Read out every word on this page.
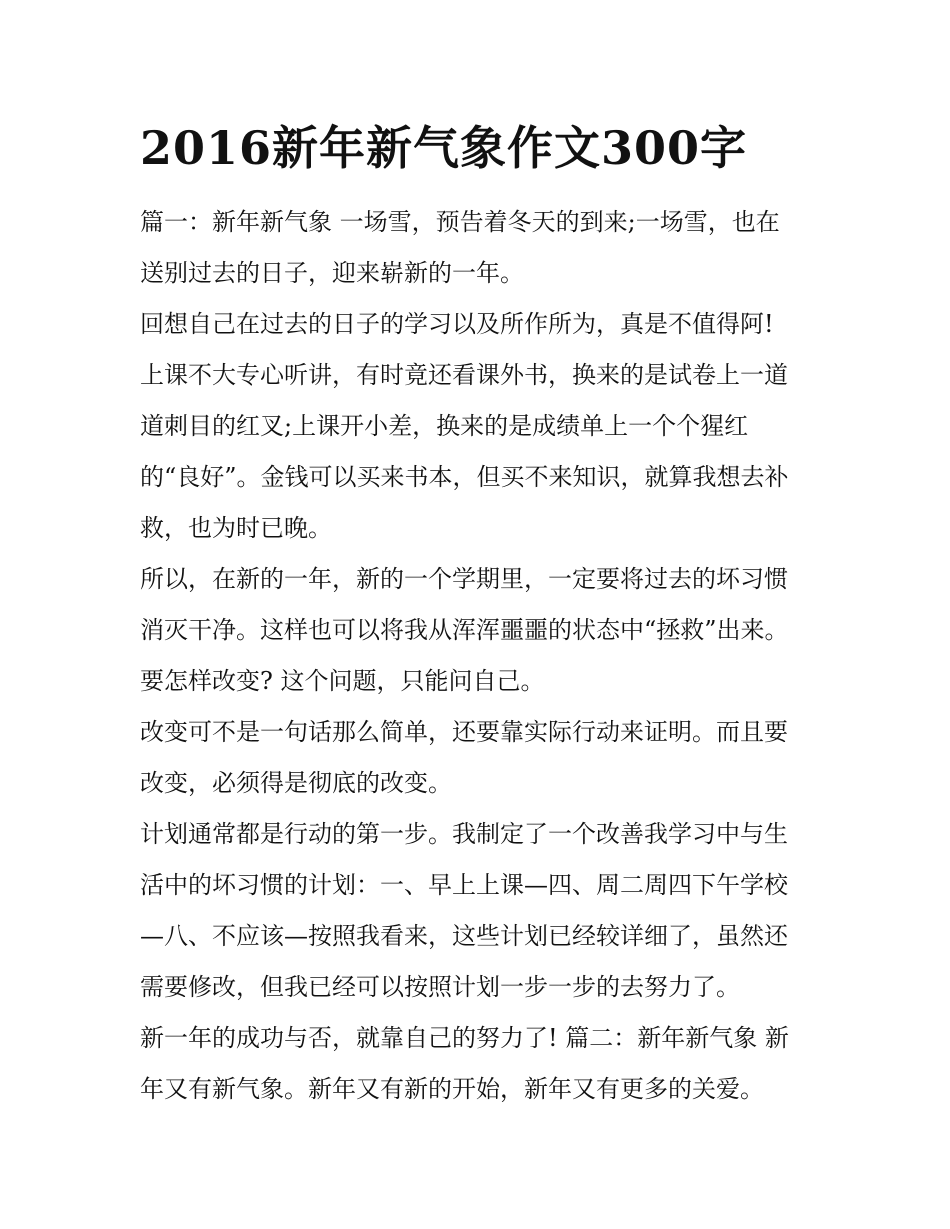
2016新年新气象作文300字
篇一：新年新气象 一场雪，预告着冬天的到来;一场雪，也在
送别过去的日子，迎来崭新的一年。
回想自己在过去的日子的学习以及所作所为，真是不值得阿!
上课不大专心听讲，有时竟还看课外书，换来的是试卷上一道
道刺目的红叉;上课开小差，换来的是成绩单上一个个猩红
的“良好”。金钱可以买来书本，但买不来知识，就算我想去补
救，也为时已晚。
所以，在新的一年，新的一个学期里，一定要将过去的坏习惯
消灭干净。这样也可以将我从浑浑噩噩的状态中“拯救”出来。
要怎样改变? 这个问题，只能问自己。
改变可不是一句话那么简单，还要靠实际行动来证明。而且要
改变，必须得是彻底的改变。
计划通常都是行动的第一步。我制定了一个改善我学习中与生
活中的坏习惯的计划：一、早上上课—四、周二周四下午学校
—八、不应该—按照我看来，这些计划已经较详细了，虽然还
需要修改，但我已经可以按照计划一步一步的去努力了。
新一年的成功与否，就靠自己的努力了! 篇二：新年新气象 新
年又有新气象。新年又有新的开始，新年又有更多的关爱。
